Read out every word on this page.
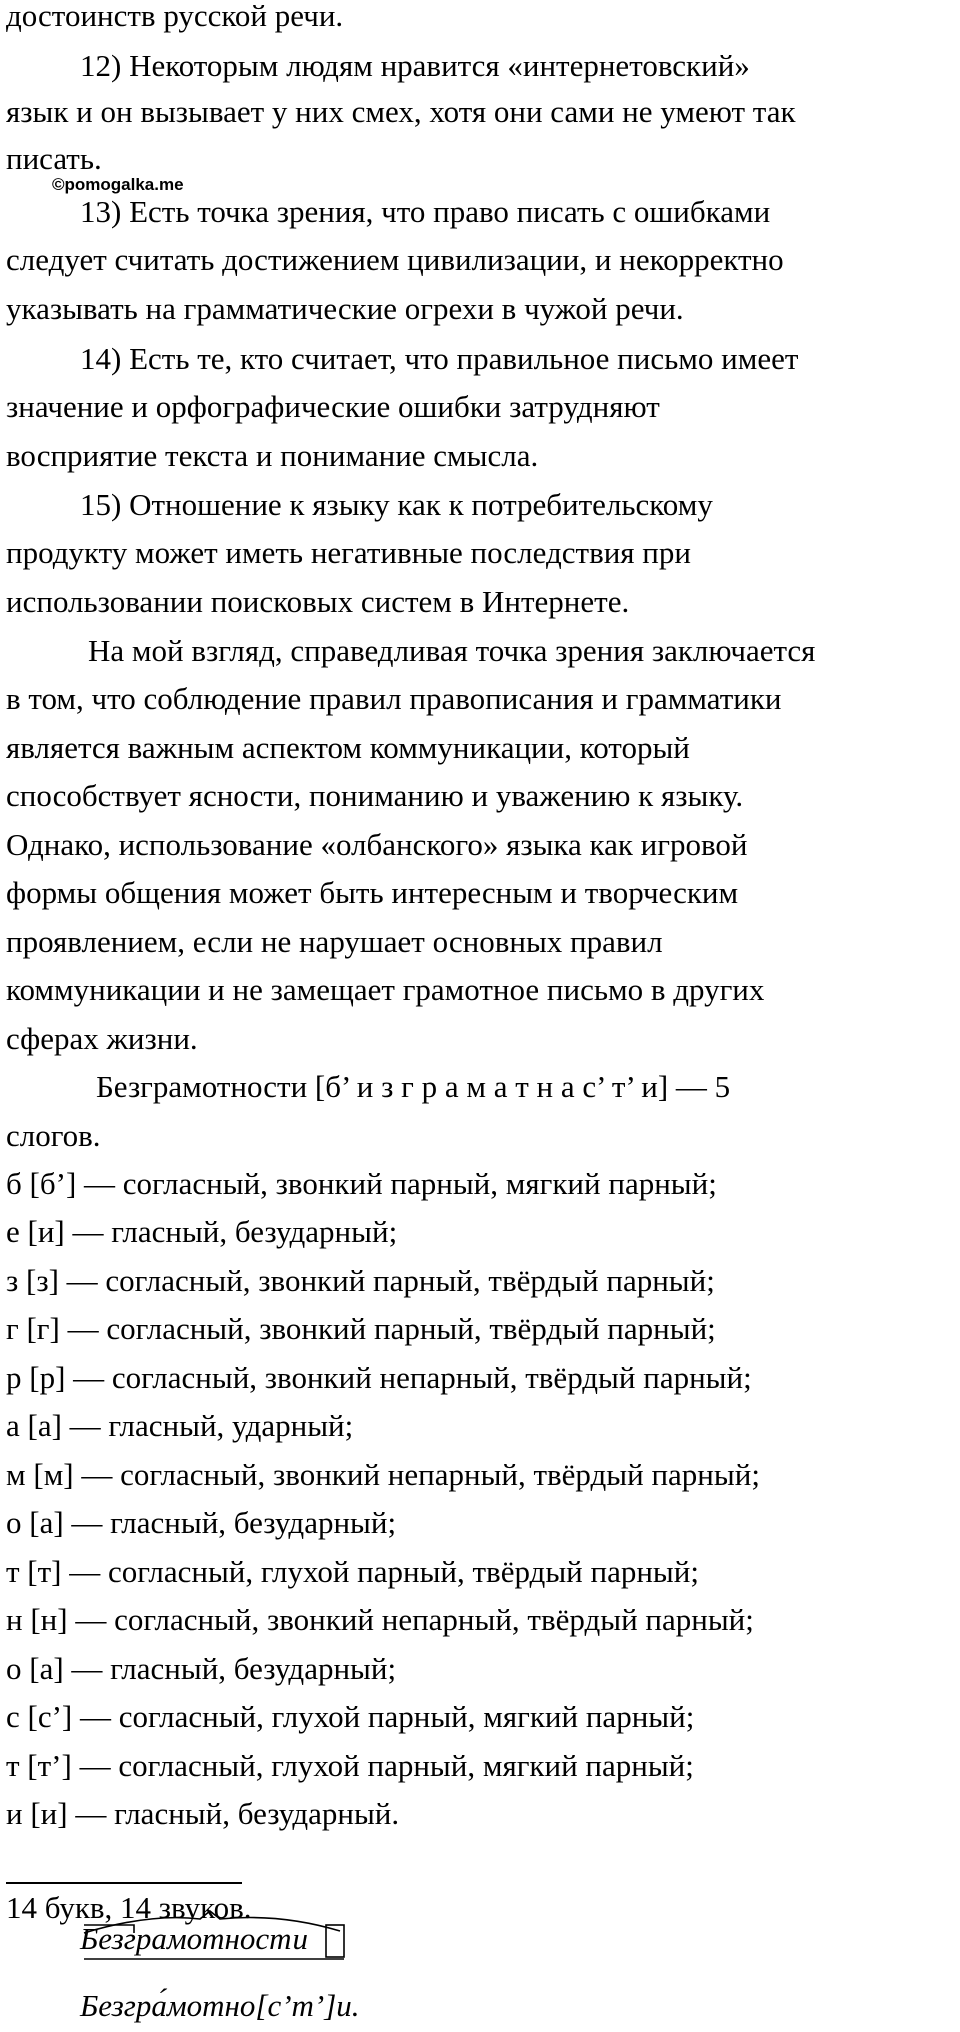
достоинств русской речи.
12) Некоторым людям нравится «интернетовский»
язык и он вызывает у них смех, хотя они сами не умеют так
писать.
©pomogalka.me
13) Есть точка зрения, что право писать с ошибками
следует считать достижением цивилизации, и некорректно
указывать на грамматические огрехи в чужой речи.
14) Есть те, кто считает, что правильное письмо имеет
значение и орфографические ошибки затрудняют
восприятие текста и понимание смысла.
15) Отношение к языку как к потребительскому
продукту может иметь негативные последствия при
использовании поисковых систем в Интернете.
На мой взгляд, справедливая точка зрения заключается
в том, что соблюдение правил правописания и грамматики
является важным аспектом коммуникации, который
способствует ясности, пониманию и уважению к языку.
Однако, использование «олбанского» языка как игровой
формы общения может быть интересным и творческим
проявлением, если не нарушает основных правил
коммуникации и не замещает грамотное письмо в других
сферах жизни.
Безграмотности [б’ и з г р а м а т н а с’ т’ и] — 5
слогов.
б [б’] — согласный, звонкий парный, мягкий парный;
е [и] — гласный, безударный;
з [з] — согласный, звонкий парный, твёрдый парный;
г [г] — согласный, звонкий парный, твёрдый парный;
р [р] — согласный, звонкий непарный, твёрдый парный;
а [а] — гласный, ударный;
м [м] — согласный, звонкий непарный, твёрдый парный;
о [а] — гласный, безударный;
т [т] — согласный, глухой парный, твёрдый парный;
н [н] — согласный, звонкий непарный, твёрдый парный;
о [а] — гласный, безударный;
с [с’] — согласный, глухой парный, мягкий парный;
т [т’] — согласный, глухой парный, мягкий парный;
и [и] — гласный, безударный.
14 букв, 14 звуков.
Безграмотности
Безгра́мотно[с’т’]и.
